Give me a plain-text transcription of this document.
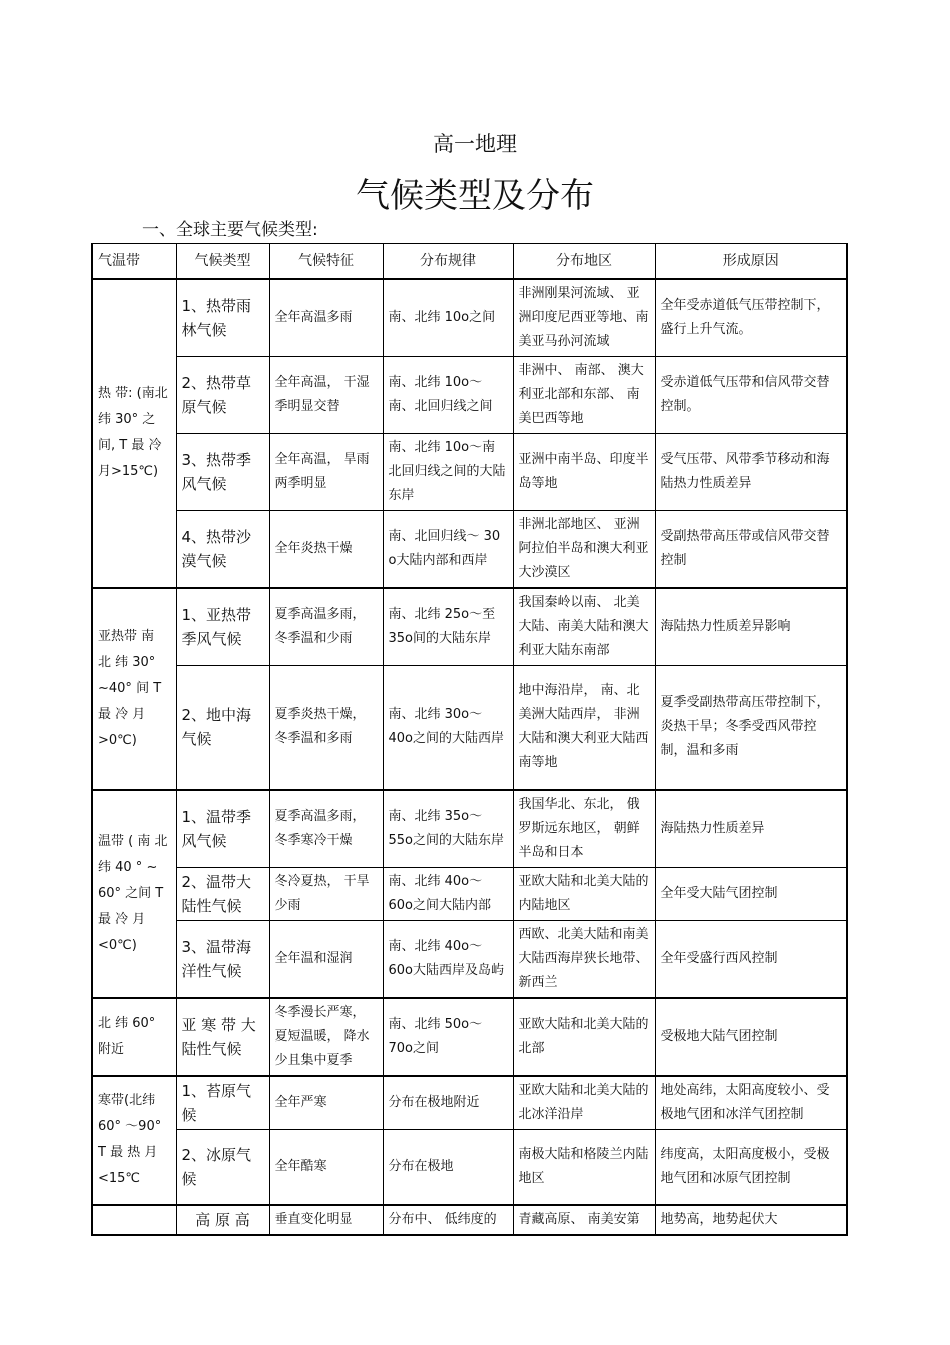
高一地理
气候类型及分布
一、全球主要气候类型:
气温带	气候类型	气候特征	分布规律	分布地区	形成原因
热 带: (南北纬 30° 之间, T 最 冷 月>15℃)	1、热带雨林气候	全年高温多雨	南、北纬 10o之间	非洲刚果河流域、 亚洲印度尼西亚等地、南美亚马孙河流域	全年受赤道低气压带控制下，盛行上升气流。
	2、热带草原气候	全年高温， 干湿季明显交替	南、北纬 10o～南、北回归线之间	非洲中、 南部、 澳大利亚北部和东部、 南美巴西等地	受赤道低气压带和信风带交替控制。
	3、热带季风气候	全年高温， 旱雨两季明显	南、北纬 10o～南北回归线之间的大陆东岸	亚洲中南半岛、印度半岛等地	受气压带、风带季节移动和海陆热力性质差异
	4、热带沙漠气候	全年炎热干燥	南、北回归线～ 30 o大陆内部和西岸	非洲北部地区、 亚洲阿拉伯半岛和澳大利亚大沙漠区	受副热带高压带或信风带交替控制
亚热带 南 北 纬 30° ~40° 间 T 最 冷 月>0℃)	1、亚热带季风气候	夏季高温多雨，冬季温和少雨	南、北纬 25o～至 35o间的大陆东岸	我国秦岭以南、 北美大陆、南美大陆和澳大利亚大陆东南部	海陆热力性质差异影响
	2、地中海气候	夏季炎热干燥，冬季温和多雨	南、北纬 30o～ 40o之间的大陆西岸	地中海沿岸， 南、北美洲大陆西岸， 非洲大陆和澳大利亚大陆西南等地	夏季受副热带高压带控制下，炎热干旱；冬季受西风带控制，温和多雨
温带 ( 南 北 纬 40 ° ~ 60° 之间 T 最 冷 月 <0℃)	1、温带季风气候	夏季高温多雨，冬季寒冷干燥	南、北纬 35o～ 55o之间的大陆东岸	我国华北、东北， 俄罗斯远东地区， 朝鲜半岛和日本	海陆热力性质差异
	2、温带大陆性气候	冬冷夏热， 干旱少雨	南、北纬 40o～ 60o之间大陆内部	亚欧大陆和北美大陆的内陆地区	全年受大陆气团控制
	3、温带海洋性气候	全年温和湿润	南、北纬 40o～ 60o大陆西岸及岛屿	西欧、北美大陆和南美大陆西海岸狭长地带、新西兰	全年受盛行西风控制
北 纬 60° 附近	亚 寒 带 大陆性气候	冬季漫长严寒，夏短温暖， 降水少且集中夏季	南、北纬 50o～ 70o之间	亚欧大陆和北美大陆的北部	受极地大陆气团控制
寒带(北纬 60° ～90° T 最 热 月 <15℃	1、苔原气候	全年严寒	分布在极地附近	亚欧大陆和北美大陆的北冰洋沿岸	地处高纬，太阳高度较小、受极地气团和冰洋气团控制
	2、冰原气候	全年酷寒	分布在极地	南极大陆和格陵兰内陆地区	纬度高，太阳高度极小，受极地气团和冰原气团控制
	高 原 高	垂直变化明显	分布中、 低纬度的	青藏高原、 南美安第	地势高，地势起伏大
